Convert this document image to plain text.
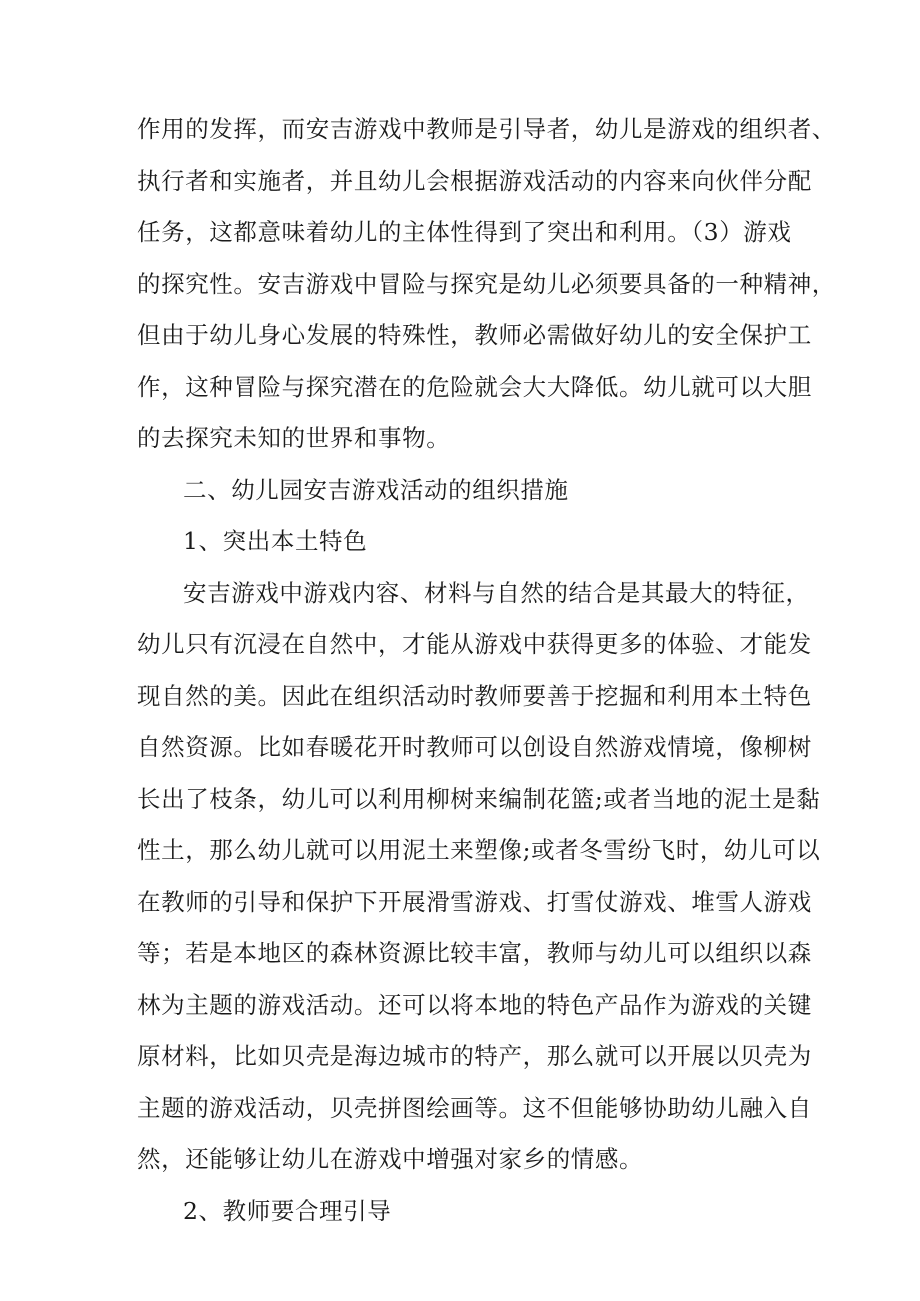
作用的发挥，而安吉游戏中教师是引导者，幼儿是游戏的组织者、
执行者和实施者，并且幼儿会根据游戏活动的内容来向伙伴分配
任务，这都意味着幼儿的主体性得到了突出和利用。（3）游戏
的探究性。安吉游戏中冒险与探究是幼儿必须要具备的一种精神，
但由于幼儿身心发展的特殊性，教师必需做好幼儿的安全保护工
作，这种冒险与探究潜在的危险就会大大降低。幼儿就可以大胆
的去探究未知的世界和事物。
二、幼儿园安吉游戏活动的组织措施
1、突出本土特色
安吉游戏中游戏内容、材料与自然的结合是其最大的特征，
幼儿只有沉浸在自然中，才能从游戏中获得更多的体验、才能发
现自然的美。因此在组织活动时教师要善于挖掘和利用本土特色
自然资源。比如春暖花开时教师可以创设自然游戏情境，像柳树
长出了枝条，幼儿可以利用柳树来编制花篮;或者当地的泥土是黏
性土，那么幼儿就可以用泥土来塑像;或者冬雪纷飞时，幼儿可以
在教师的引导和保护下开展滑雪游戏、打雪仗游戏、堆雪人游戏
等；若是本地区的森林资源比较丰富，教师与幼儿可以组织以森
林为主题的游戏活动。还可以将本地的特色产品作为游戏的关键
原材料，比如贝壳是海边城市的特产，那么就可以开展以贝壳为
主题的游戏活动，贝壳拼图绘画等。这不但能够协助幼儿融入自
然，还能够让幼儿在游戏中增强对家乡的情感。
2、教师要合理引导
